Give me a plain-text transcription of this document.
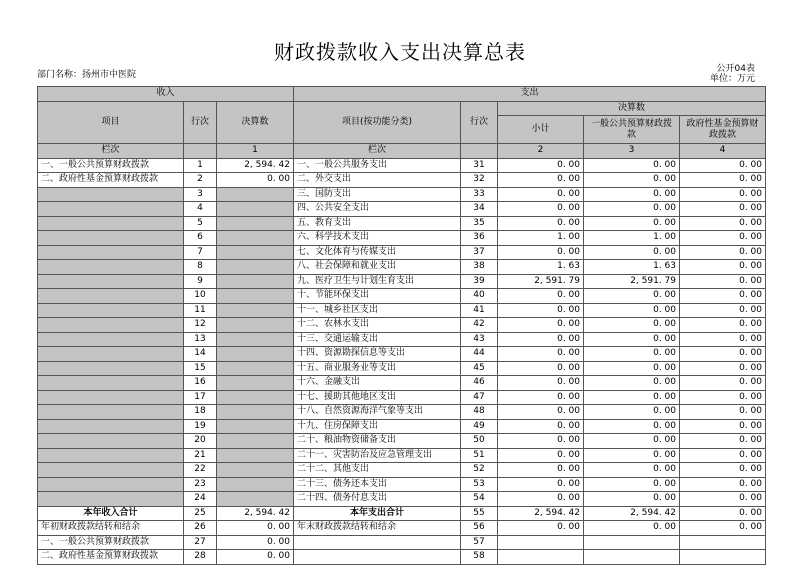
财政拨款收入支出决算总表
部门名称：扬州市中医院
公开04表
单位：万元
收入			支出				
项目	行次	决算数	项目(按功能分类)	行次	决算数		
					小计	一般公共预算财政拨款	政府性基金预算财政拨款
栏次		1	栏次		2	3	4
一、一般公共预算财政拨款	1	2, 594. 42	一、一般公共服务支出	31	0. 00	0. 00	0. 00
二、政府性基金预算财政拨款	2	0. 00	二、外交支出	32	0. 00	0. 00	0. 00
	3		三、国防支出	33	0. 00	0. 00	0. 00
	4		四、公共安全支出	34	0. 00	0. 00	0. 00
	5		五、教育支出	35	0. 00	0. 00	0. 00
	6		六、科学技术支出	36	1. 00	1. 00	0. 00
	7		七、文化体育与传媒支出	37	0. 00	0. 00	0. 00
	8		八、社会保障和就业支出	38	1. 63	1. 63	0. 00
	9		九、医疗卫生与计划生育支出	39	2, 591. 79	2, 591. 79	0. 00
	10		十、节能环保支出	40	0. 00	0. 00	0. 00
	11		十一、城乡社区支出	41	0. 00	0. 00	0. 00
	12		十二、农林水支出	42	0. 00	0. 00	0. 00
	13		十三、交通运输支出	43	0. 00	0. 00	0. 00
	14		十四、资源勘探信息等支出	44	0. 00	0. 00	0. 00
	15		十五、商业服务业等支出	45	0. 00	0. 00	0. 00
	16		十六、金融支出	46	0. 00	0. 00	0. 00
	17		十七、援助其他地区支出	47	0. 00	0. 00	0. 00
	18		十八、自然资源海洋气象等支出	48	0. 00	0. 00	0. 00
	19		十九、住房保障支出	49	0. 00	0. 00	0. 00
	20		二十、粮油物资储备支出	50	0. 00	0. 00	0. 00
	21		二十一、灾害防治及应急管理支出	51	0. 00	0. 00	0. 00
	22		二十二、其他支出	52	0. 00	0. 00	0. 00
	23		二十三、债务还本支出	53	0. 00	0. 00	0. 00
	24		二十四、债务付息支出	54	0. 00	0. 00	0. 00
本年收入合计	25	2, 594. 42	本年支出合计	55	2, 594. 42	2, 594. 42	0. 00
年初财政拨款结转和结余	26	0. 00	年末财政拨款结转和结余	56	0. 00	0. 00	0. 00
一、一般公共预算财政拨款	27	0. 00		57			
二、政府性基金预算财政拨款	28	0. 00		58			
